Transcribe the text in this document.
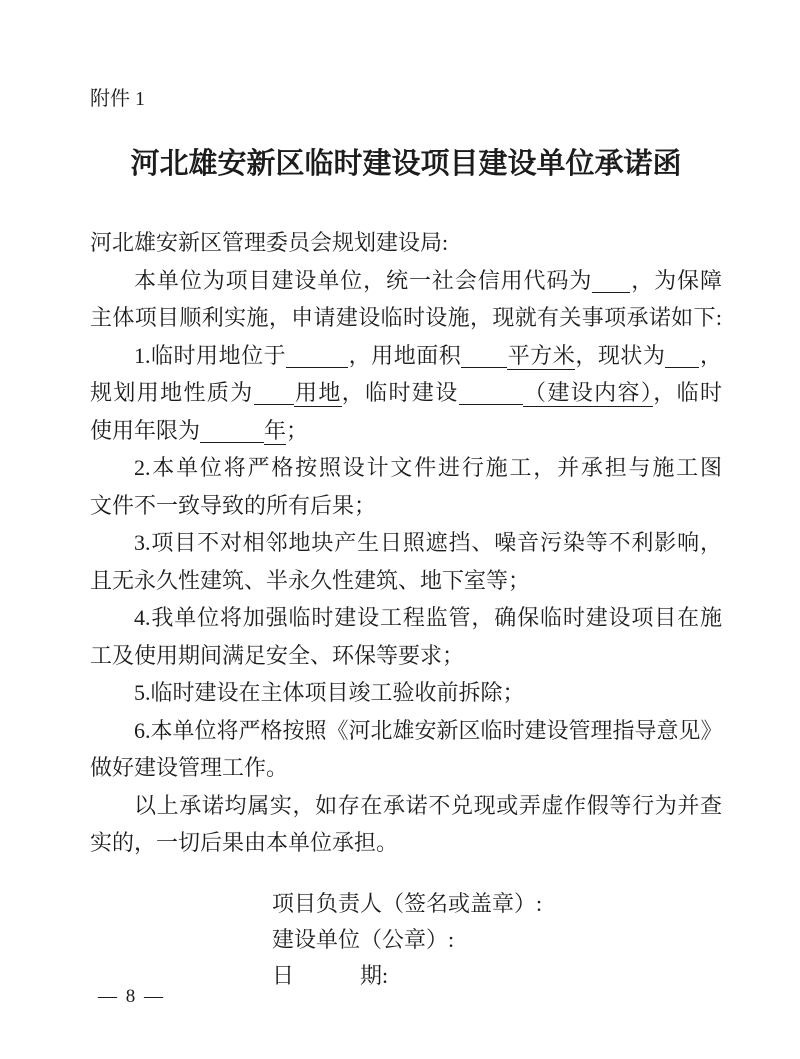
附件 1
河北雄安新区临时建设项目建设单位承诺函
河北雄安新区管理委员会规划建设局:
本单位为项目建设单位，统一社会信用代码为 ，为保障
主体项目顺利实施，申请建设临时设施，现就有关事项承诺如下:
1.临时用地位于	，用地面积 平方米，现状为 ，
规划用地性质为 用地，临时建设	（建设内容），临时
使用年限为	年；
2.本单位将严格按照设计文件进行施工，并承担与施工图
文件不一致导致的所有后果；
3.项目不对相邻地块产生日照遮挡、噪音污染等不利影响，
且无永久性建筑、半永久性建筑、地下室等；
4.我单位将加强临时建设工程监管，确保临时建设项目在施
工及使用期间满足安全、环保等要求；
5.临时建设在主体项目竣工验收前拆除；
6.本单位将严格按照《河北雄安新区临时建设管理指导意见》
做好建设管理工作。
以上承诺均属实，如存在承诺不兑现或弄虚作假等行为并查
实的，一切后果由本单位承担。
项目负责人（签名或盖章）:
建设单位（公章）:
日　　　期:
— 8 —
